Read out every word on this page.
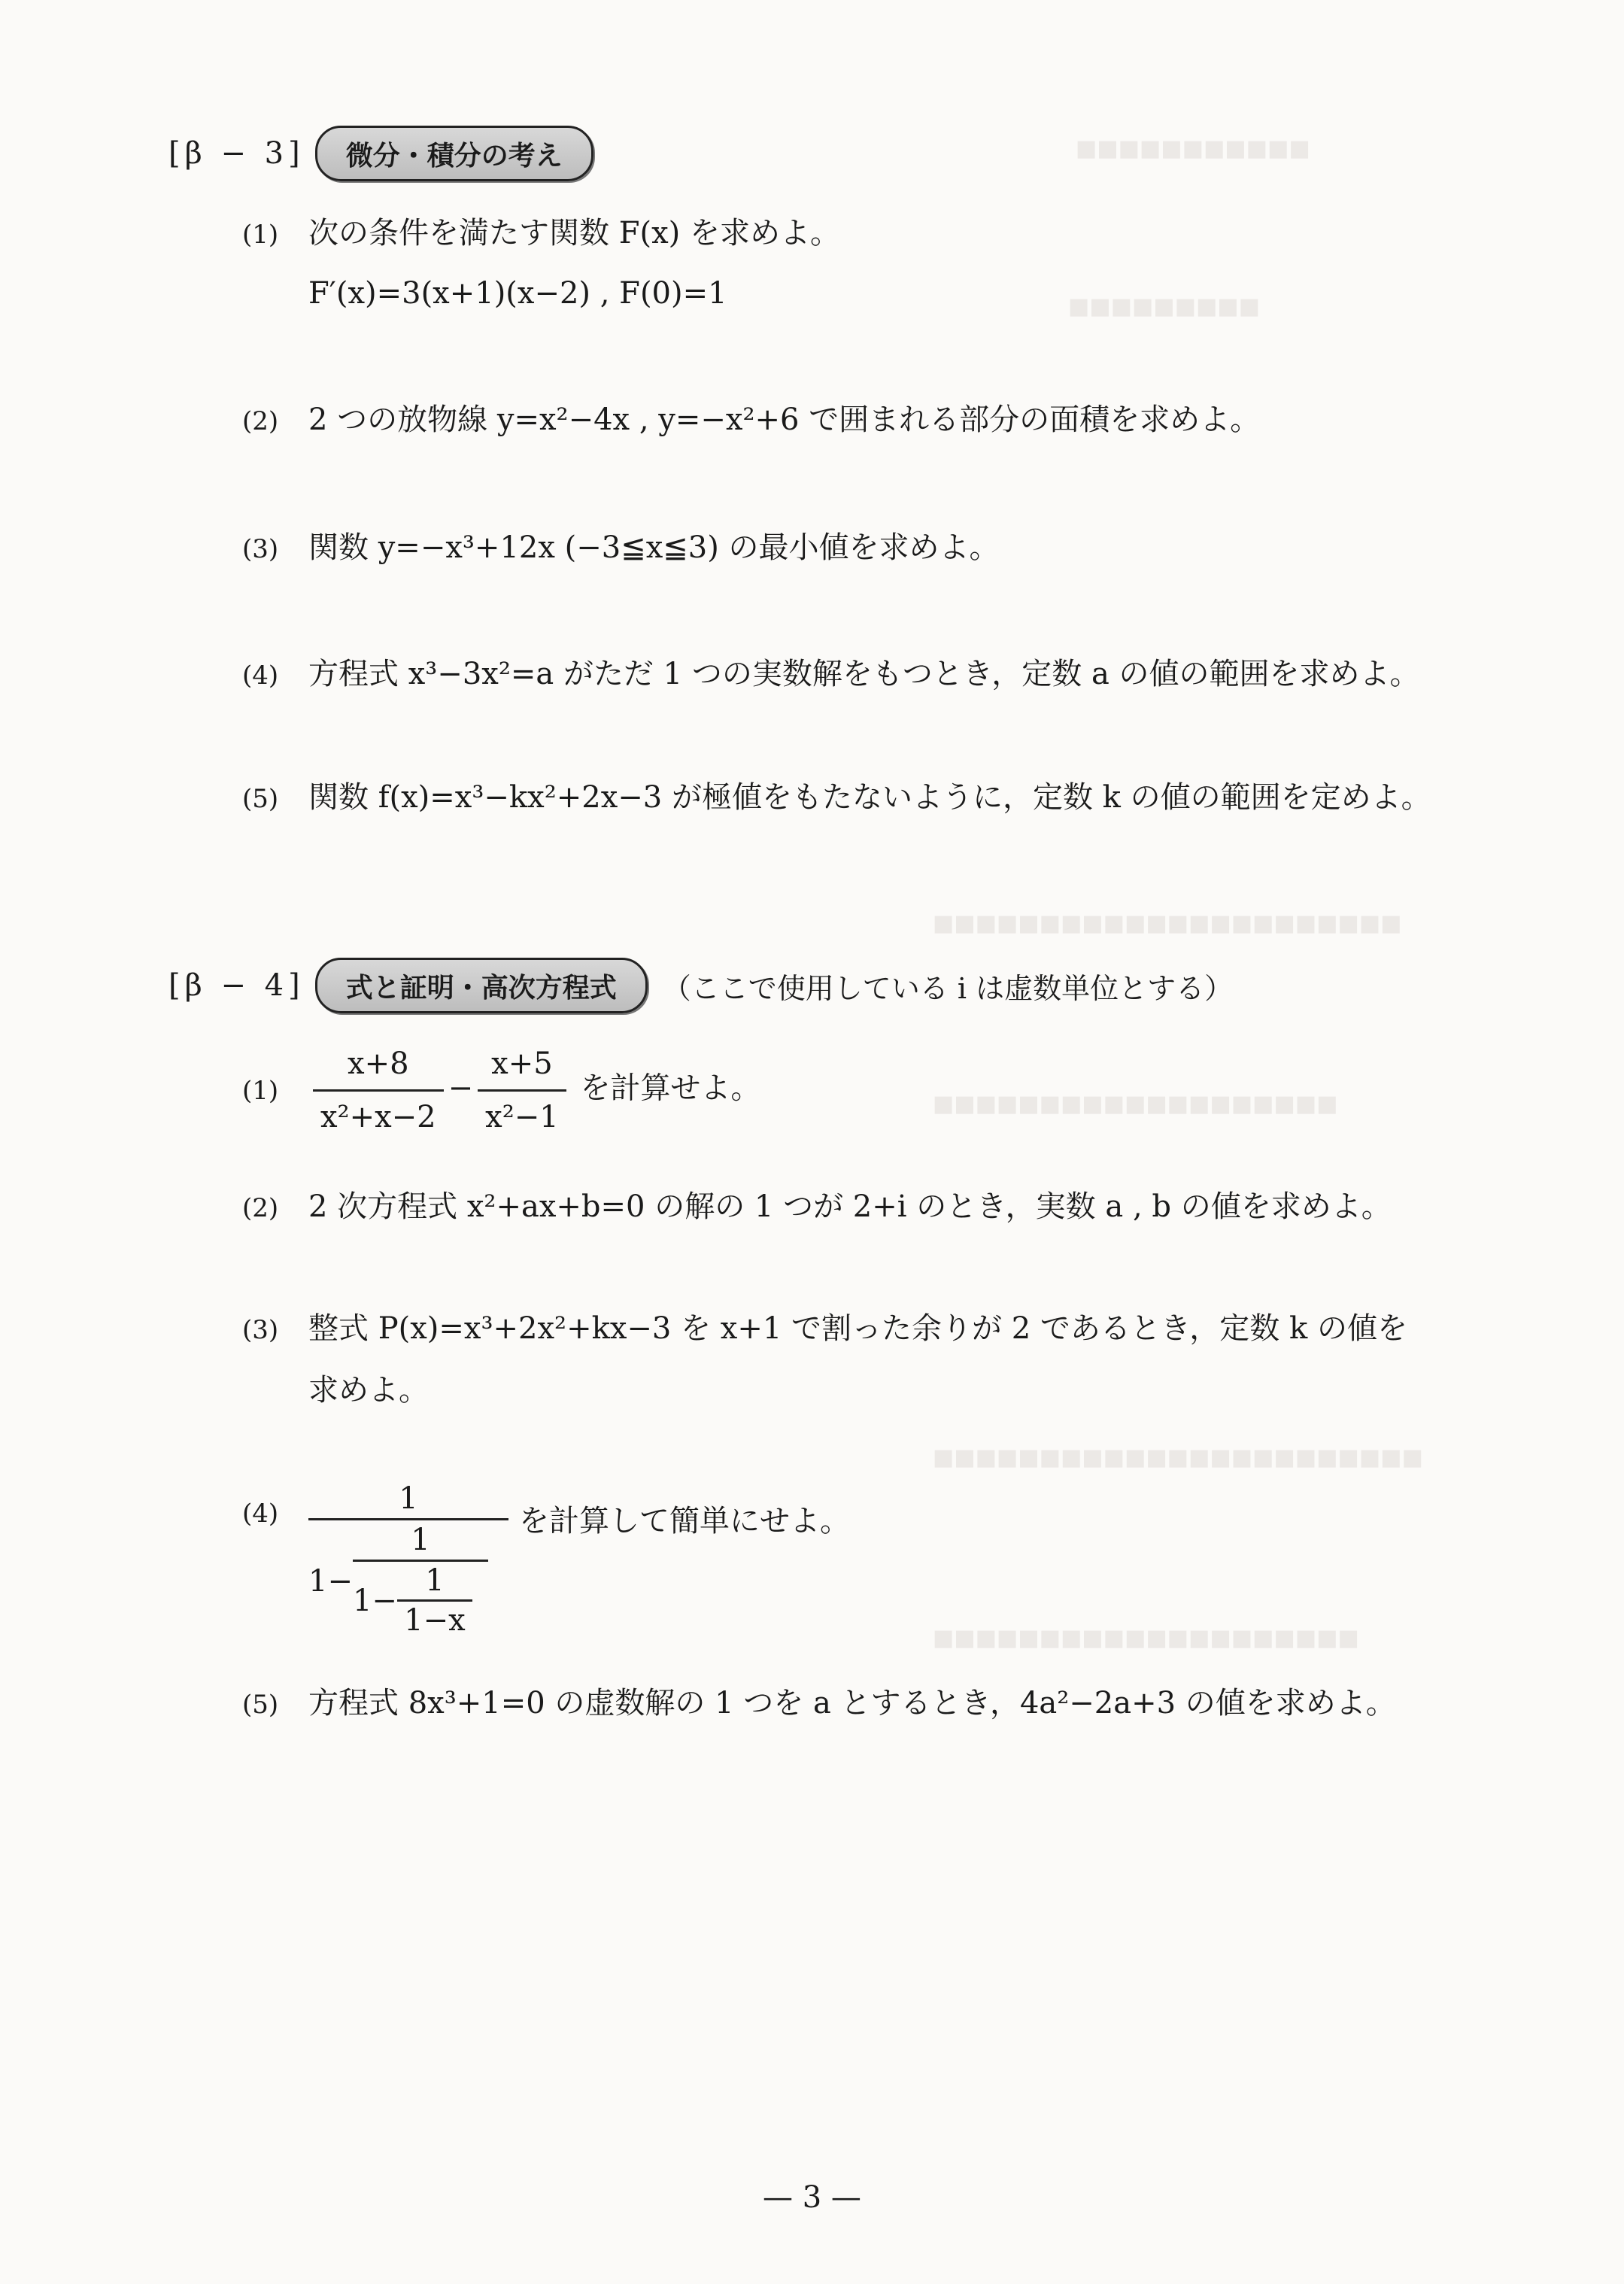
■■■■■■■■■■■
■■■■■■■■■
■■■■■■■■■■■■■■■■■■■■■■
■■■■■■■■■■■■■■■■■■■
■■■■■■■■■■■■■■■■■■■■■■■
■■■■■■■■■■■■■■■■■■■■
[β − 3]	微分・積分の考え
(1) 次の条件を満たす関数 F(x) を求めよ。
F′(x)=3(x+1)(x−2) , F(0)=1
(2) 2 つの放物線 y=x²−4x , y=−x²+6 で囲まれる部分の面積を求めよ。
(3) 関数 y=−x³+12x (−3≦x≦3) の最小値を求めよ。
(4) 方程式 x³−3x²=a がただ 1 つの実数解をもつとき，定数 a の値の範囲を求めよ。
(5) 関数 f(x)=x³−kx²+2x−3 が極値をもたないように，定数 k の値の範囲を定めよ。
[β − 4]	式と証明・高次方程式	（ここで使用している i は虚数単位とする）
(1)	$\frac{x+8}{\text{x²+x−2}} - \frac{x+5}{\text{x²−1}}$ を計算せよ。
(2) 2 次方程式 x²+ax+b=0 の解の 1 つが 2+i のとき，実数 a , b の値を求めよ。
(3) 整式 P(x)=x³+2x²+kx−3 を x+1 で割った余りが 2 であるとき，定数 k の値を
求めよ。
(4)	1
1−
1
$1- \frac{1}{1-x}$
を計算して簡単にせよ。
(5) 方程式 8x³+1=0 の虚数解の 1 つを a とするとき，4a²−2a+3 の値を求めよ。
— 3 —
